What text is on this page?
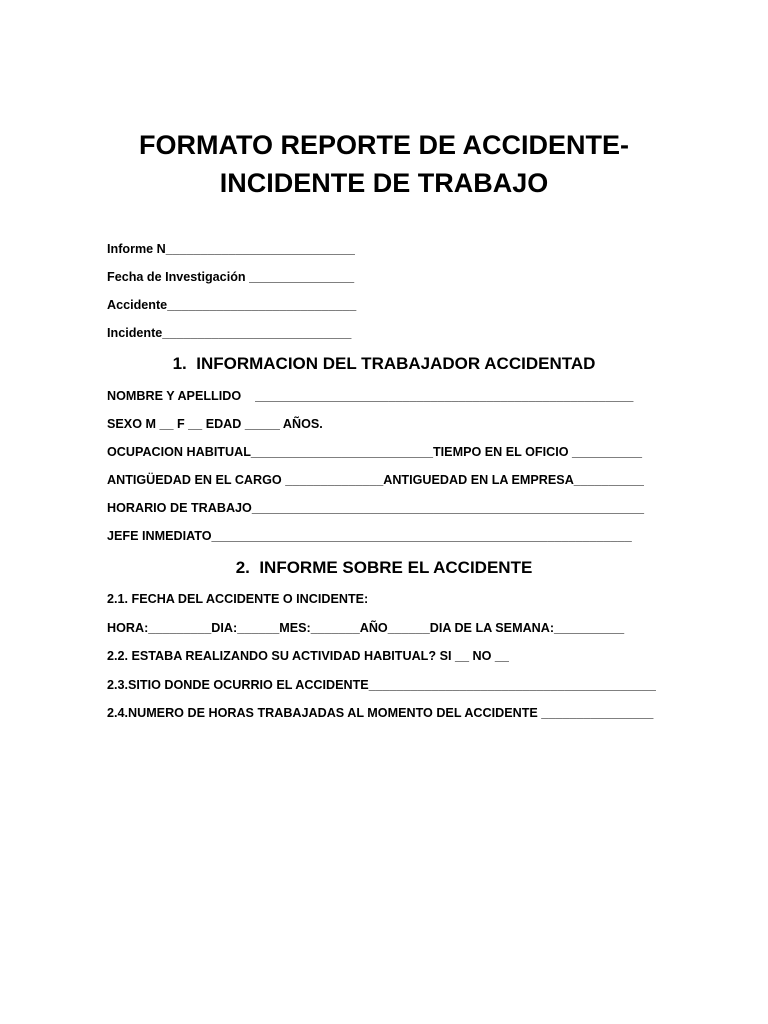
FORMATO REPORTE DE ACCIDENTE-
INCIDENTE DE TRABAJO

Informe N___________________________

Fecha de Investigación _______________

Accidente___________________________

Incidente___________________________

1.  INFORMACION DEL TRABAJADOR ACCIDENTAD

NOMBRE Y APELLIDO    ______________________________________________________

SEXO M __ F __ EDAD _____ AÑOS.

OCUPACION HABITUAL__________________________TIEMPO EN EL OFICIO __________

ANTIGÜEDAD EN EL CARGO ______________ANTIGUEDAD EN LA EMPRESA__________

HORARIO DE TRABAJO________________________________________________________

JEFE INMEDIATO____________________________________________________________

2.  INFORME SOBRE EL ACCIDENTE

2.1. FECHA DEL ACCIDENTE O INCIDENTE:

HORA:_________DIA:______MES:_______AÑO______DIA DE LA SEMANA:__________

2.2. ESTABA REALIZANDO SU ACTIVIDAD HABITUAL? SI __ NO __

2.3.SITIO DONDE OCURRIO EL ACCIDENTE_________________________________________

2.4.NUMERO DE HORAS TRABAJADAS AL MOMENTO DEL ACCIDENTE ________________
